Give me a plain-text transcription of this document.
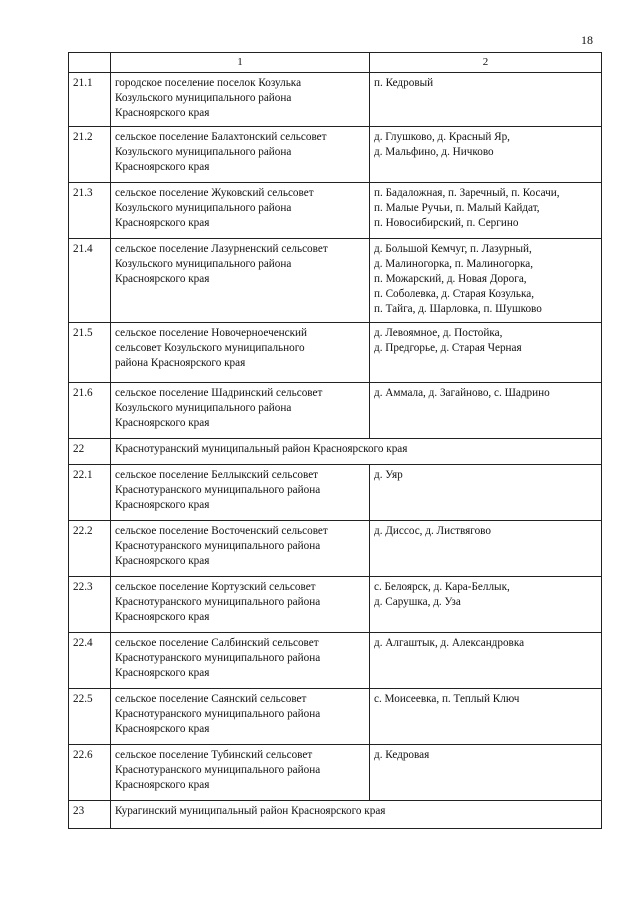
18
	1	2
21.1	городское поселение поселок Козулька
Козульского муниципального района
Красноярского края	п. Кедровый
21.2	сельское поселение Балахтонский сельсовет
Козульского муниципального района
Красноярского края	д. Глушково, д. Красный Яр,
д. Мальфино, д. Ничково
21.3	сельское поселение Жуковский сельсовет
Козульского муниципального района
Красноярского края	п. Бадаложная, п. Заречный, п. Косачи,
п. Малые Ручьи, п. Малый Кайдат,
п. Новосибирский, п. Сергино
21.4	сельское поселение Лазурненский сельсовет
Козульского муниципального района
Красноярского края	д. Большой Кемчуг, п. Лазурный,
д. Малиногорка, п. Малиногорка,
п. Можарский, д. Новая Дорога,
п. Соболевка, д. Старая Козулька,
п. Тайга, д. Шарловка, п. Шушково
21.5	сельское поселение Новочерноеченский
сельсовет Козульского муниципального
района Красноярского края	д. Левоямное, д. Постойка,
д. Предгорье, д. Старая Черная
21.6	сельское поселение Шадринский сельсовет
Козульского муниципального района
Красноярского края	д. Аммала, д. Загайново, с. Шадрино
22	Краснотуранский муниципальный район Красноярского края	
22.1	сельское поселение Беллыкский сельсовет
Краснотуранского муниципального района
Красноярского края	д. Уяр
22.2	сельское поселение Восточенский сельсовет
Краснотуранского муниципального района
Красноярского края	д. Диссос, д. Листвягово
22.3	сельское поселение Кортузский сельсовет
Краснотуранского муниципального района
Красноярского края	с. Белоярск, д. Кара-Беллык,
д. Сарушка, д. Уза
22.4	сельское поселение Салбинский сельсовет
Краснотуранского муниципального района
Красноярского края	д. Алгаштык, д. Александровка
22.5	сельское поселение Саянский сельсовет
Краснотуранского муниципального района
Красноярского края	с. Моисеевка, п. Теплый Ключ
22.6	сельское поселение Тубинский сельсовет
Краснотуранского муниципального района
Красноярского края	д. Кедровая
23	Курагинский муниципальный район Красноярского края	
